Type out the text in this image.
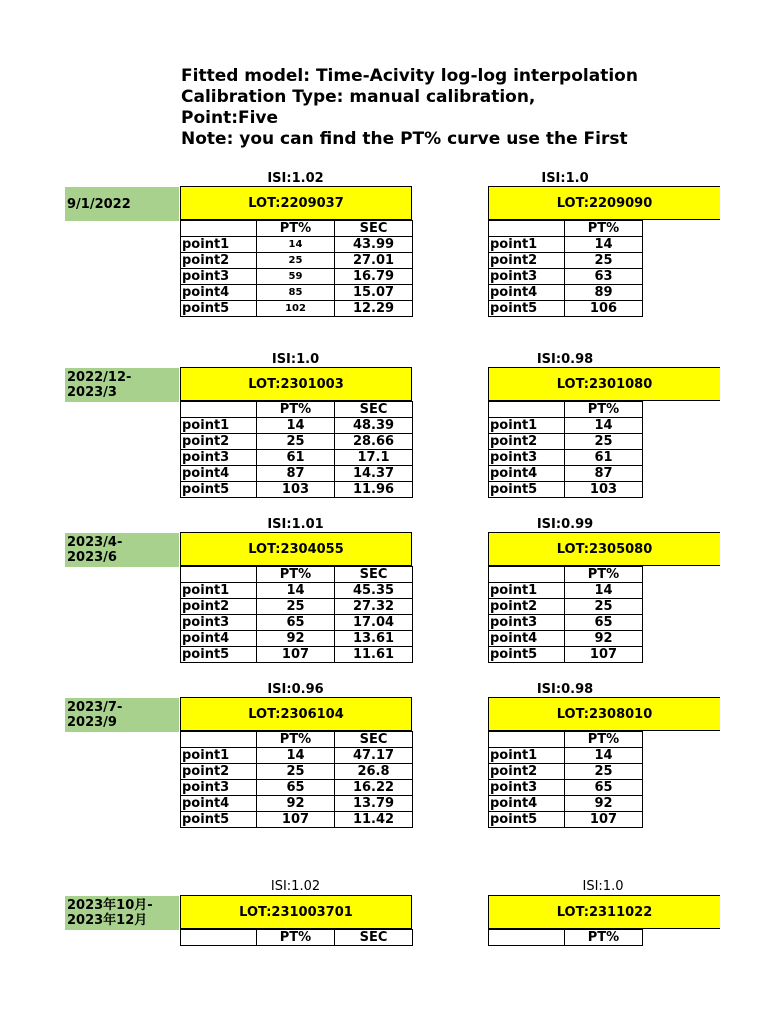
Fitted model: Time-Acivity log-log interpolation
Calibration Type: manual calibration,
Point:Five
Note: you can find the PT% curve use the First
9/1/2022
ISI:1.02
LOT:2209037
	PT%	SEC
point1	14	43.99
point2	25	27.01
point3	59	16.79
point4	85	15.07
point5	102	12.29
ISI:1.0
LOT:2209090
	PT%
point1	14
point2	25
point3	63
point4	89
point5	106
2022/12-
2023/3
ISI:1.0
LOT:2301003
	PT%	SEC
point1	14	48.39
point2	25	28.66
point3	61	17.1
point4	87	14.37
point5	103	11.96
ISI:0.98
LOT:2301080
	PT%
point1	14
point2	25
point3	61
point4	87
point5	103
2023/4-
2023/6
ISI:1.01
LOT:2304055
	PT%	SEC
point1	14	45.35
point2	25	27.32
point3	65	17.04
point4	92	13.61
point5	107	11.61
ISI:0.99
LOT:2305080
	PT%
point1	14
point2	25
point3	65
point4	92
point5	107
2023/7-
2023/9
ISI:0.96
LOT:2306104
	PT%	SEC
point1	14	47.17
point2	25	26.8
point3	65	16.22
point4	92	13.79
point5	107	11.42
ISI:0.98
LOT:2308010
	PT%
point1	14
point2	25
point3	65
point4	92
point5	107
2023年10月-
2023年12月
ISI:1.02
LOT:231003701
	PT%	SEC
ISI:1.0
LOT:2311022
	PT%
